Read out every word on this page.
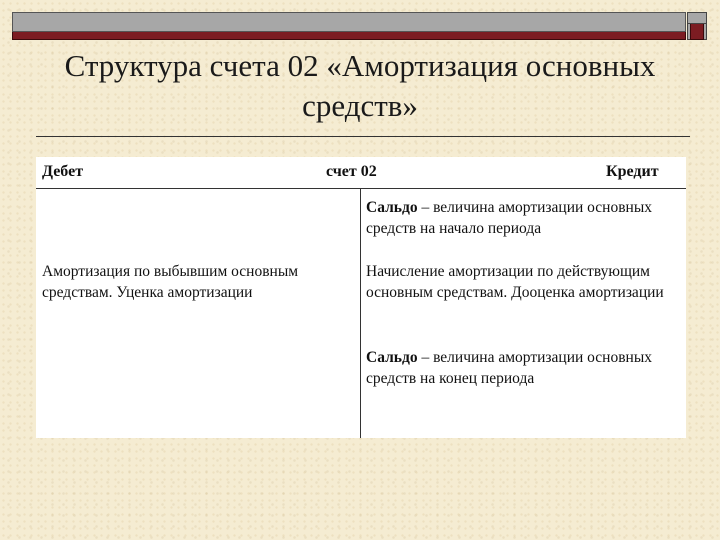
Структура счета 02 «Амортизация основных средств»
Дебет	счет 02	Кредит
Сальдо – величина амортизации основных средств на начало периода
Амортизация по выбывшим основным средствам. Уценка амортизации
Начисление амортизации по действующим основным средствам. Дооценка амортизации
Сальдо – величина амортизации основных средств на конец периода
